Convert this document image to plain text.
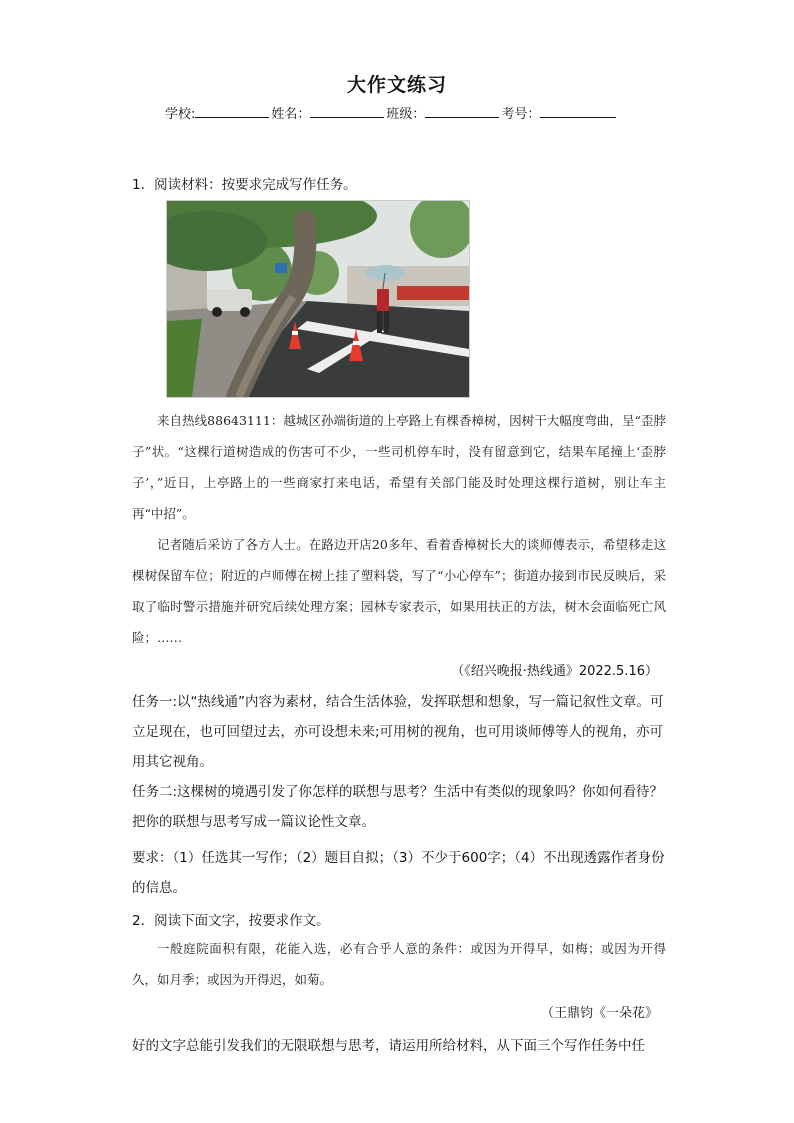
大作文练习
学校:	姓名：	班级：	考号：
1．阅读材料：按要求完成写作任务。

来自热线88643111：越城区孙端街道的上亭路上有棵香樟树，因树干大幅度弯曲，呈“歪脖子”状。“这棵行道树造成的伤害可不少，一些司机停车时，没有留意到它，结果车尾撞上‘歪脖子’，”近日，上亭路上的一些商家打来电话，希望有关部门能及时处理这棵行道树，别让车主再“中招”。

记者随后采访了各方人士。在路边开店20多年、看着香樟树长大的谈师傅表示，希望移走这棵树保留车位；附近的卢师傅在树上挂了塑料袋，写了“小心停车”；街道办接到市民反映后，采取了临时警示措施并研究后续处理方案；园林专家表示，如果用扶正的方法，树木会面临死亡风险；……

（《绍兴晚报·热线通》2022.5.16）

任务一:以“热线通”内容为素材，结合生活体验，发挥联想和想象，写一篇记叙性文章。可立足现在，也可回望过去，亦可设想未来;可用树的视角，也可用谈师傅等人的视角，亦可用其它视角。

任务二:这棵树的境遇引发了你怎样的联想与思考？生活中有类似的现象吗？你如何看待？把你的联想与思考写成一篇议论性文章。

要求：（1）任选其一写作；（2）题目自拟；（3）不少于600字；（4）不出现透露作者身份的信息。

2．阅读下面文字，按要求作文。

一般庭院面积有限，花能入选，必有合乎人意的条件：或因为开得早，如梅；或因为开得久，如月季；或因为开得迟，如菊。

（王鼎钧《一朵花》
好的文字总能引发我们的无限联想与思考，请运用所给材料，从下面三个写作任务中任
